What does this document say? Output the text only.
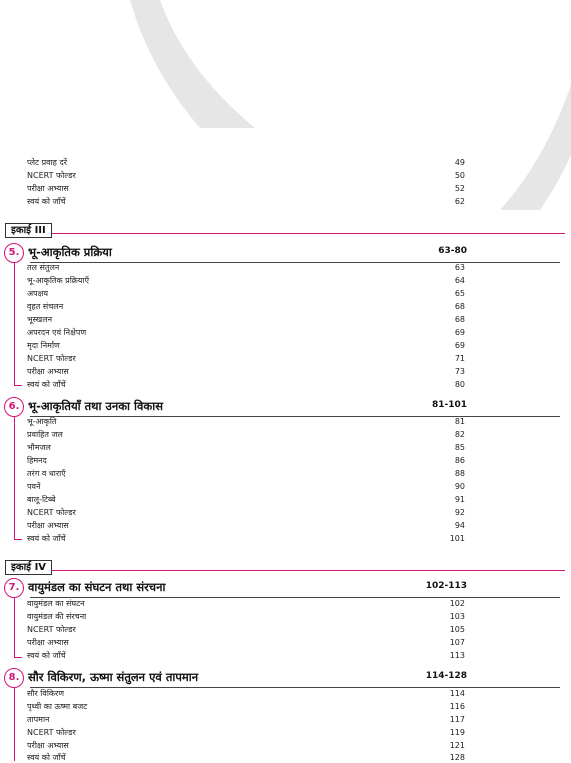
प्लेट प्रवाह दरें	49
NCERT फोल्डर	50
परीक्षा अभ्यास	52
स्वयं को जाँचें	62
इकाई III
5. भू-आकृतिक प्रक्रिया	63-80
तल संतुलन	63
भू-आकृतिक प्रक्रियाएँ	64
अपक्षय	65
वृहत संचलन	68
भूस्खलन	68
अपरदन एवं निक्षेपण	69
मृदा निर्माण	69
NCERT फोल्डर	71
परीक्षा अभ्यास	73
स्वयं को जाँचें	80
6. भू-आकृतियाँ तथा उनका विकास	81-101
भू-आकृति	81
प्रवाहित जल	82
भौमजल	85
हिमनद	86
तरंग व धाराएँ	88
पवनें	90
बालू-टिब्बे	91
NCERT फोल्डर	92
परीक्षा अभ्यास	94
स्वयं को जाँचें	101
इकाई IV
7. वायुमंडल का संघटन तथा संरचना	102-113
वायुमंडल का संघटन	102
वायुमंडल की संरचना	103
NCERT फोल्डर	105
परीक्षा अभ्यास	107
स्वयं को जाँचें	113
8. सौर विकिरण, ऊष्मा संतुलन एवं तापमान	114-128
सौर विकिरण	114
पृथ्वी का ऊष्मा बजट	116
तापमान	117
NCERT फोल्डर	119
परीक्षा अभ्यास	121
स्वयं को जाँचें	128
